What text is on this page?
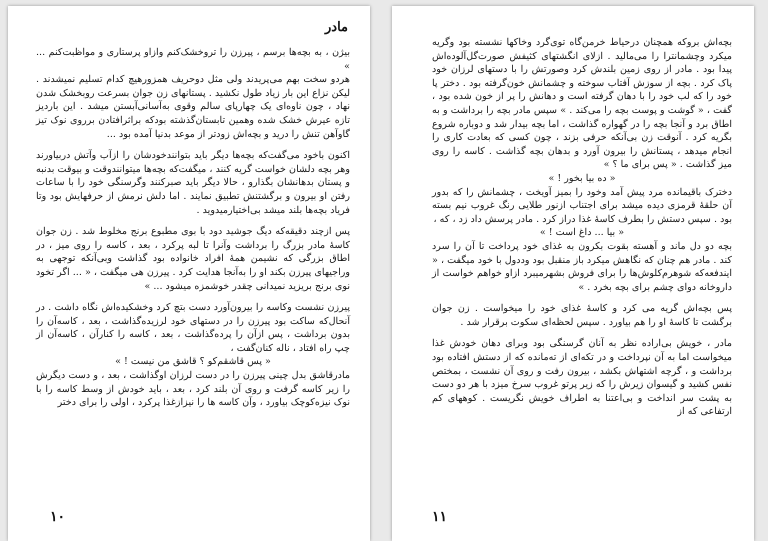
مادر

بیژن ، به بچه‌ها برسم ، پیرزن را تروخشک‌کنم وازاو پرستاری و مواظبت‌کنم ... »

هردو سخت بهم می‌پریدند ولی مثل دوحریف همزورهیچ کدام تسلیم نمیشدند . لیکن نزاع این بار زیاد طول نکشید . پستانهای زن جوان بسرعت روبخشک شدن نهاد ، چون ناوه‌ای یک چهارپای سالم وقوی به‌آسانی‌آبستن میشد . این باردیز تازه عیرش خشک شده وهمین تابستان‌گذشته بودکه براثرافتادن برروی نوک تیز گاوآهن تنش را درید و بچه‌اش زودتر از موعد بدنیا آمده بود ...

اکنون باخود می‌گفت‌که بچه‌ها دیگر باید بتوانندخودشان را ازآب وآتش دربیاورند وهر بچه دلشان خواست گریه کنند ، میگفت‌که بچه‌ها میتوانندوقت و بیوقت بدنبه و پستان بدهانشان بگذارو ، حالا دیگر باید صبرکنند وگرسنگی خود را با ساعات رفتن او بیرون و برگشتنش تطبیق نمایند . اما دلش نرمش از حرفهایش بود وتا فریاد بچه‌ها بلند میشد بی‌اختیارمیدوید .

پس ازچند دقیقه‌که دیگ جوشید دود با بوی مطبوع برنج مخلوط شد . زن جوان کاسهٔ مادر بزرگ را برداشت وآنرا تا لبه پرکرد ، بعد ، کاسه را روی میز ، در اطاق بزرگی که نشیمن همهٔ افراد خانواده بود گذاشت وبی‌آنکه توجهی به وراجیهای پیرزن بکند او را به‌آنجا هدایت کرد . پیرزن هی میگفت ، « ... اگر تخود نوی برنج بریزید نمیدانی چقدر خوشمزه میشود ... »

پیرزن نشست وکاسه را بیرون‌آورد دست بتچ کرد وخشکیده‌اش نگاه داشت . در آنحال‌که ساکت بود پیرزن را در دستهای خود لرزیده‌گذاشت ، بعد ، کاسه‌آن را بدون برداشت ، پس ازآن را پرده‌گذاشت ، بعد ، کاسه را کنار‌آن ، کاسه‌آن از چپ راه افتاد ، ناله کنان‌گفت ،

« پس قاشقم‌کو ؟ قاشق من نیست ! »

مادرقاشق بدل چینی پیرزن را در دست لرزان اوگذاشت ، بعد ، و دست دیگرش را زیر کاسه گرفت و روی آن بلند کرد ، بعد ، باید خودش از وسط کاسه را با نوک نیزه‌کوچک بیاورد ، و‌آن کاسه ها را نیزازغذا پرکرد ، اولی را برای دختر

۱۰

بچه‌اش برو‌که همچنان درحیاط خرمن‌گاه توی‌گرد وخاکها نشسته بود وگریه میکرد وچشمانترا را می‌مالید . ازلای انگشتهای کثیفش صورت‌گل‌آلوده‌اش پیدا بود . مادر از روی زمین بلندش کرد وصورتش را با دستهای لرزان خود پاک کرد . بچه از سوزش آفتاب سوخته و چشمانش خون‌گرفته بود . دختر پا خود را که لب خود را با دهان گرفته است و دهانش را پر از خون شده بود ، گفت ، « گوشت و پوست بچه را می‌کند . » سپس مادر بچه را برداشت و به اطاق برد و آنجا بچه را در گهواره گذاشت ، اما بچه بیدار شد و دوباره شروع بگریه کرد . آنوقت زن بی‌آنکه حرفی بزند ، چون کسی که بعادت کاری را انجام میدهد ، پستانش را بیرون آورد و بدهان بچه گذاشت . کاسه را روی میز گذاشت . « پس برای ما ؟ »

« ده بیا بخور ! »

دخترک باقیمانده مرد پیش آمد وخود را بمیز آویخت ، چشمانش را که بدور آن حلقهٔ قرمزی دیده میشد برای اجتناب ازنور طلایی رنگ غروب نیم بسته بود . سپس دستش را بطرف کاسهٔ غذا دراز کرد . مادر پرسش داد زد ، که ،

« بیا ... داغ است ! »

بچه دو دل ماند و آهسته بقوت بکرون به غذای خود پرداخت تا آن را سرد کند . مادر هم چنان که نگاهش میکرد باز منقبل بود وددول با خود میگفت ، « ایندفعه‌که شوهرم‌کلوش‌ها را برای فروش بشهرمیبرد ازاو خواهم خواست از داروخانه دوای چشم برای بچه بخرد . »

پس بچه‌اش گریه می کرد و کاسهٔ غذای خود را میخواست . زن جوان برگشت تا کاسهٔ او را هم بیاورد . سپس لحظه‌ای سکوت برقرار شد .

مادر ، خویش بی‌اراده نظر به آنان گرسنگی بود وبرای دهان خودش غذا میخواست اما به آن نپرداخت و در تکه‌ای از ته‌مانده که از دستش افتاده بود برداشت و ، گرچه اشتهاش بکشد ، بیرون رفت و روی آن نشست ، بمختص نفس کشید و گیسوان زیرش را که زیر پرتو غروب سرخ میزد با هر دو دست به پشت سر انداخت و بی‌اعتنا به اطراف خویش نگریست . کوههای کم ارتفاعی که از

۱۱
